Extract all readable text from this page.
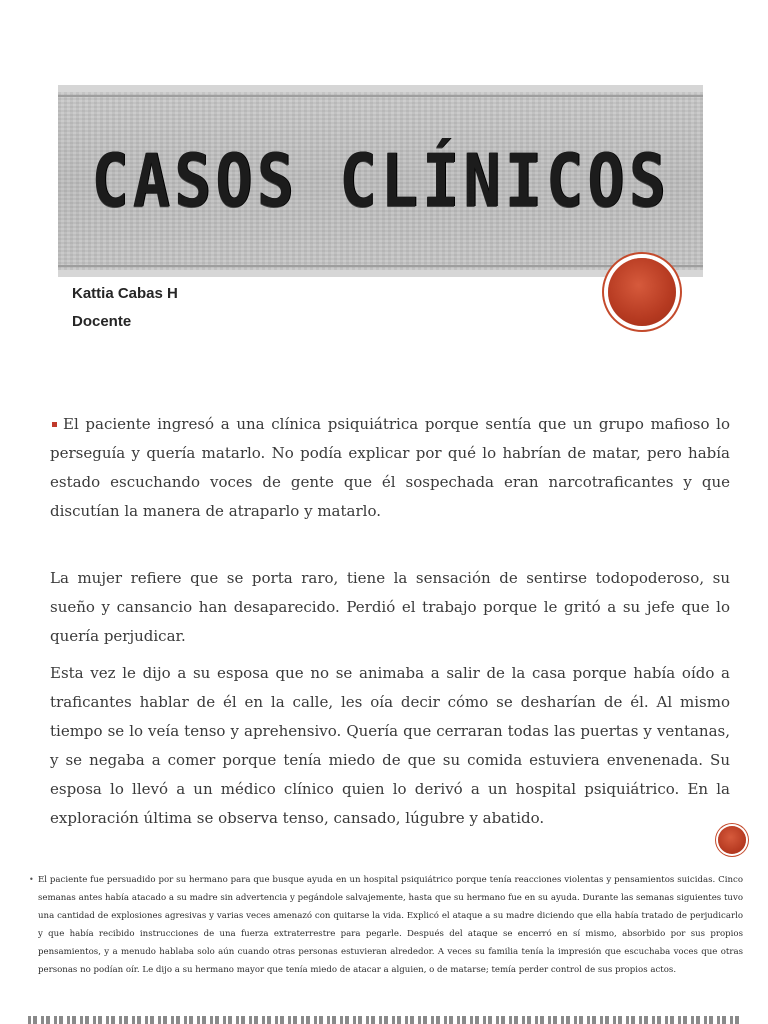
CASOS CLÍNICOS
Kattia Cabas H
Docente
El paciente ingresó a una clínica psiquiátrica porque sentía que un grupo mafioso lo perseguía y quería matarlo. No podía explicar por qué lo habrían de matar, pero había estado escuchando voces de gente que él sospechada eran narcotraficantes y que discutían la manera de atraparlo y matarlo.
La mujer refiere que se porta raro, tiene la sensación de sentirse todopoderoso, su sueño y cansancio han desaparecido. Perdió el trabajo porque le gritó a su jefe que lo quería perjudicar.
Esta vez le dijo a su esposa que no se animaba a salir de la casa porque había oído a traficantes hablar de él en la calle, les oía decir cómo se desharían de él. Al mismo tiempo se lo veía tenso y aprehensivo. Quería que cerraran todas las puertas y ventanas, y se negaba a comer porque tenía miedo de que su comida estuviera envenenada. Su esposa lo llevó a un médico clínico quien lo derivó a un hospital psiquiátrico. En la exploración última se observa tenso, cansado, lúgubre y abatido.
• El paciente fue persuadido por su hermano para que busque ayuda en un hospital psiquiátrico porque tenía reacciones violentas y pensamientos suicidas. Cinco semanas antes había atacado a su madre sin advertencia y pegándole salvajemente, hasta que su hermano fue en su ayuda. Durante las semanas siguientes tuvo una cantidad de explosiones agresivas y varias veces amenazó con quitarse la vida. Explicó el ataque a su madre diciendo que ella había tratado de perjudicarlo y que había recibido instrucciones de una fuerza extraterrestre para pegarle. Después del ataque se encerró en sí mismo, absorbido por sus propios pensamientos, y a menudo hablaba solo aún cuando otras personas estuvieran alrededor. A veces su familia tenía la impresión que escuchaba voces que otras personas no podían oír. Le dijo a su hermano mayor que tenía miedo de atacar a alguien, o de matarse; temía perder control de sus propios actos.
